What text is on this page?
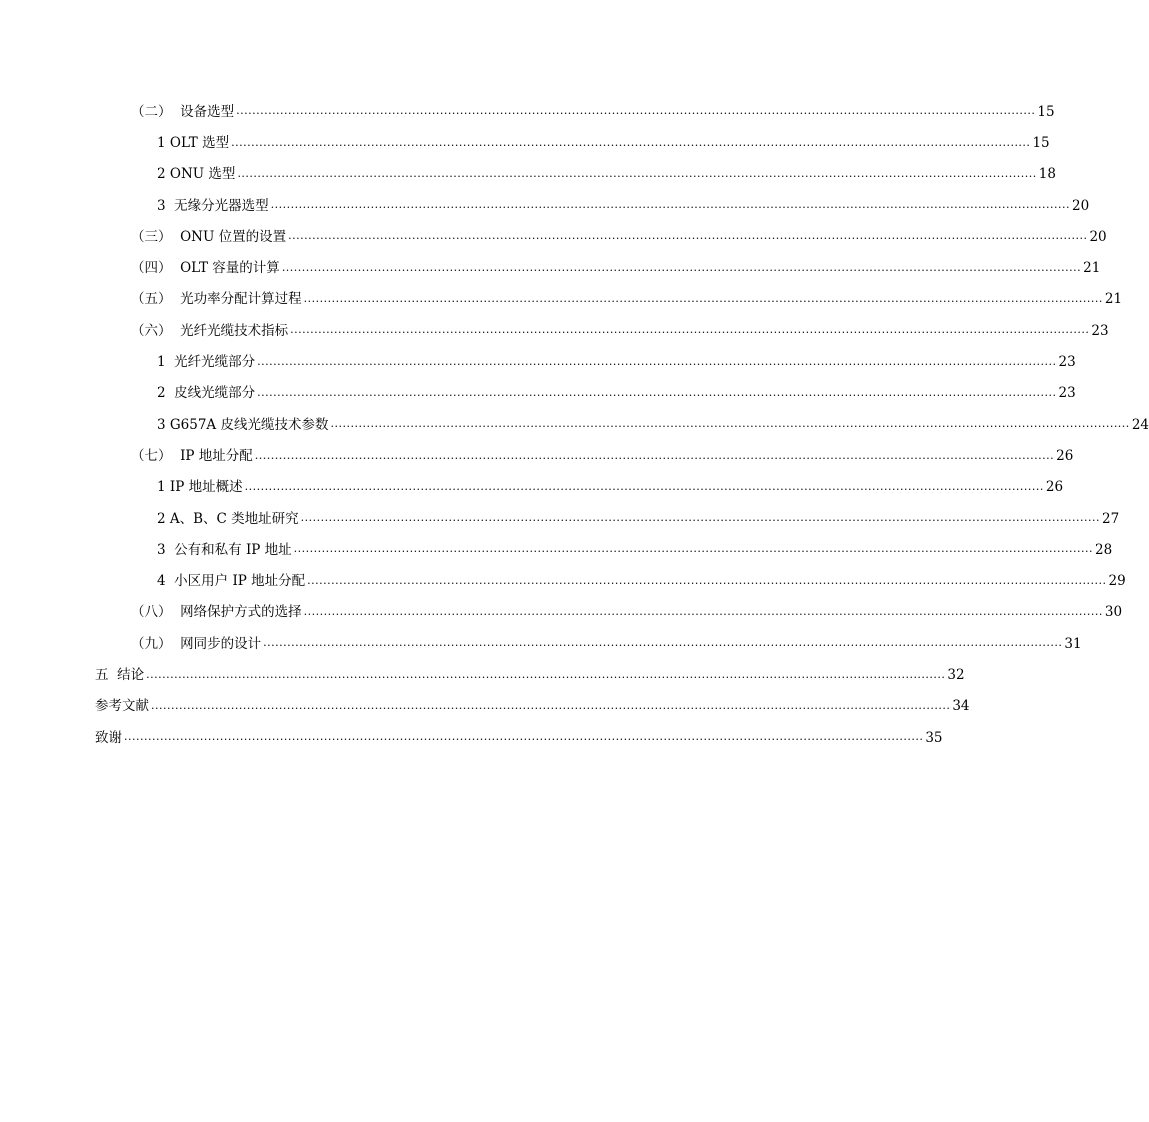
（二）  设备选型 ........................................................................................................................................................................................................ 15
1 OLT 选型 ........................................................................................................................................................................................................ 15
2 ONU 选型 ........................................................................................................................................................................................................ 18
3  无缘分光器选型 ........................................................................................................................................................................................................ 20
（三）  ONU 位置的设置 ........................................................................................................................................................................................................ 20
（四）  OLT 容量的计算 ........................................................................................................................................................................................................ 21
（五）  光功率分配计算过程 ........................................................................................................................................................................................................ 21
（六）  光纤光缆技术指标 ........................................................................................................................................................................................................ 23
1  光纤光缆部分 ........................................................................................................................................................................................................ 23
2  皮线光缆部分 ........................................................................................................................................................................................................ 23
3 G657A 皮线光缆技术参数 ........................................................................................................................................................................................................ 24
（七）  IP 地址分配 ........................................................................................................................................................................................................ 26
1 IP 地址概述 ........................................................................................................................................................................................................ 26
2 A、B、C 类地址研究 ........................................................................................................................................................................................................ 27
3  公有和私有 IP 地址 ........................................................................................................................................................................................................ 28
4  小区用户 IP 地址分配 ........................................................................................................................................................................................................ 29
（八）  网络保护方式的选择 ........................................................................................................................................................................................................ 30
（九）  网同步的设计 ........................................................................................................................................................................................................ 31
五  结论 ........................................................................................................................................................................................................ 32
参考文献 ........................................................................................................................................................................................................ 34
致谢 ........................................................................................................................................................................................................ 35
